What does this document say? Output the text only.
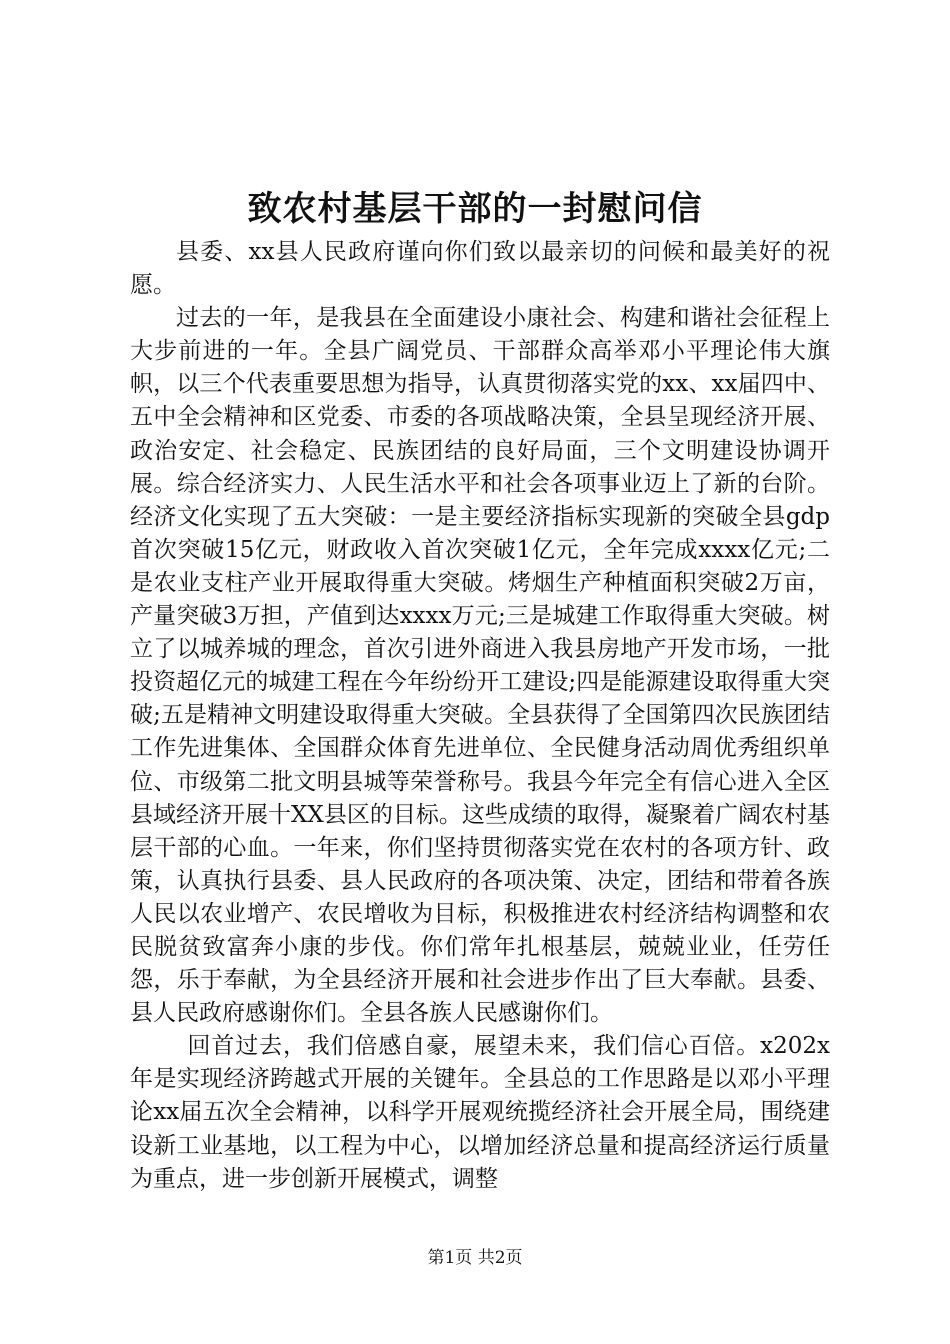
致农村基层干部的一封慰问信

县委、xx县人民政府谨向你们致以最亲切的问候和最美好的祝愿。

过去的一年，是我县在全面建设小康社会、构建和谐社会征程上大步前进的一年。全县广阔党员、干部群众高举邓小平理论伟大旗帜，以三个代表重要思想为指导，认真贯彻落实党的xx、xx届四中、五中全会精神和区党委、市委的各项战略决策，全县呈现经济开展、政治安定、社会稳定、民族团结的良好局面，三个文明建设协调开展。综合经济实力、人民生活水平和社会各项事业迈上了新的台阶。经济文化实现了五大突破：一是主要经济指标实现新的突破全县gdp首次突破15亿元，财政收入首次突破1亿元，全年完成xxxx亿元;二是农业支柱产业开展取得重大突破。烤烟生产种植面积突破2万亩，产量突破3万担，产值到达xxxx万元;三是城建工作取得重大突破。树立了以城养城的理念，首次引进外商进入我县房地产开发市场，一批投资超亿元的城建工程在今年纷纷开工建设;四是能源建设取得重大突破;五是精神文明建设取得重大突破。全县获得了全国第四次民族团结工作先进集体、全国群众体育先进单位、全民健身活动周优秀组织单位、市级第二批文明县城等荣誉称号。我县今年完全有信心进入全区县域经济开展十XX县区的目标。这些成绩的取得，凝聚着广阔农村基层干部的心血。一年来，你们坚持贯彻落实党在农村的各项方针、政策，认真执行县委、县人民政府的各项决策、决定，团结和带着各族人民以农业增产、农民增收为目标，积极推进农村经济结构调整和农民脱贫致富奔小康的步伐。你们常年扎根基层，兢兢业业，任劳任怨，乐于奉献，为全县经济开展和社会进步作出了巨大奉献。县委、县人民政府感谢你们。全县各族人民感谢你们。

回首过去，我们倍感自豪，展望未来，我们信心百倍。x202x年是实现经济跨越式开展的关键年。全县总的工作思路是以邓小平理论xx届五次全会精神，以科学开展观统揽经济社会开展全局，围绕建设新工业基地，以工程为中心，以增加经济总量和提高经济运行质量为重点，进一步创新开展模式，调整

第1页 共2页
